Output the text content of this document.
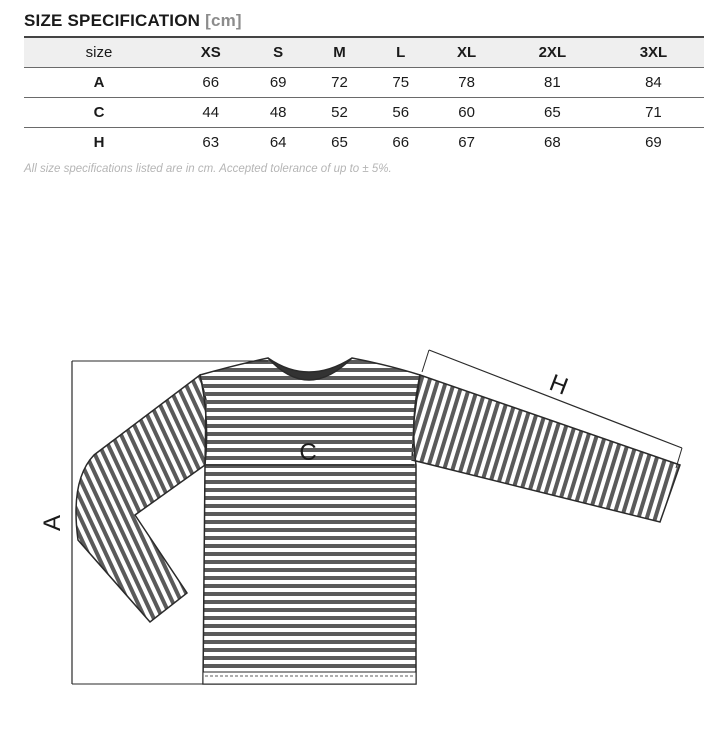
SIZE SPECIFICATION [cm]
size	XS	S	M	L	XL	2XL	3XL
A	66	69	72	75	78	81	84
C	44	48	52	56	60	65	71
H	63	64	65	66	67	68	69
All size specifications listed are in cm. Accepted tolerance of up to ± 5%.
A
C
H
